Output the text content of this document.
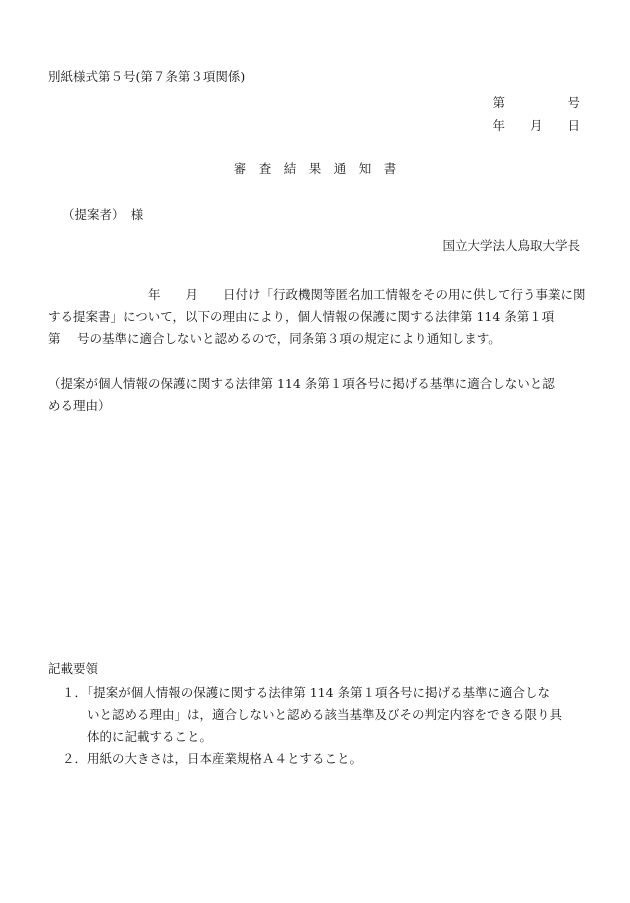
別紙様式第５号(第７条第３項関係)
第　　　　　号
年　　月　　日
審　査　結　果　通　知　書
（提案者）　様
国立大学法人鳥取大学長
　　　　　　　　年　　月　　日付け「行政機関等匿名加工情報をその用に供して行う事業に関
する提案書」について，以下の理由により，個人情報の保護に関する法律第 114 条第１項
第　 号の基準に適合しないと認めるので，同条第３項の規定により通知します。
（提案が個人情報の保護に関する法律第 114 条第１項各号に掲げる基準に適合しないと認
める理由）
記載要領
１．「提案が個人情報の保護に関する法律第 114 条第１項各号に掲げる基準に適合しな
　　いと認める理由」は，適合しないと認める該当基準及びその判定内容をできる限り具
　　体的に記載すること。
２．用紙の大きさは，日本産業規格Ａ４とすること。
